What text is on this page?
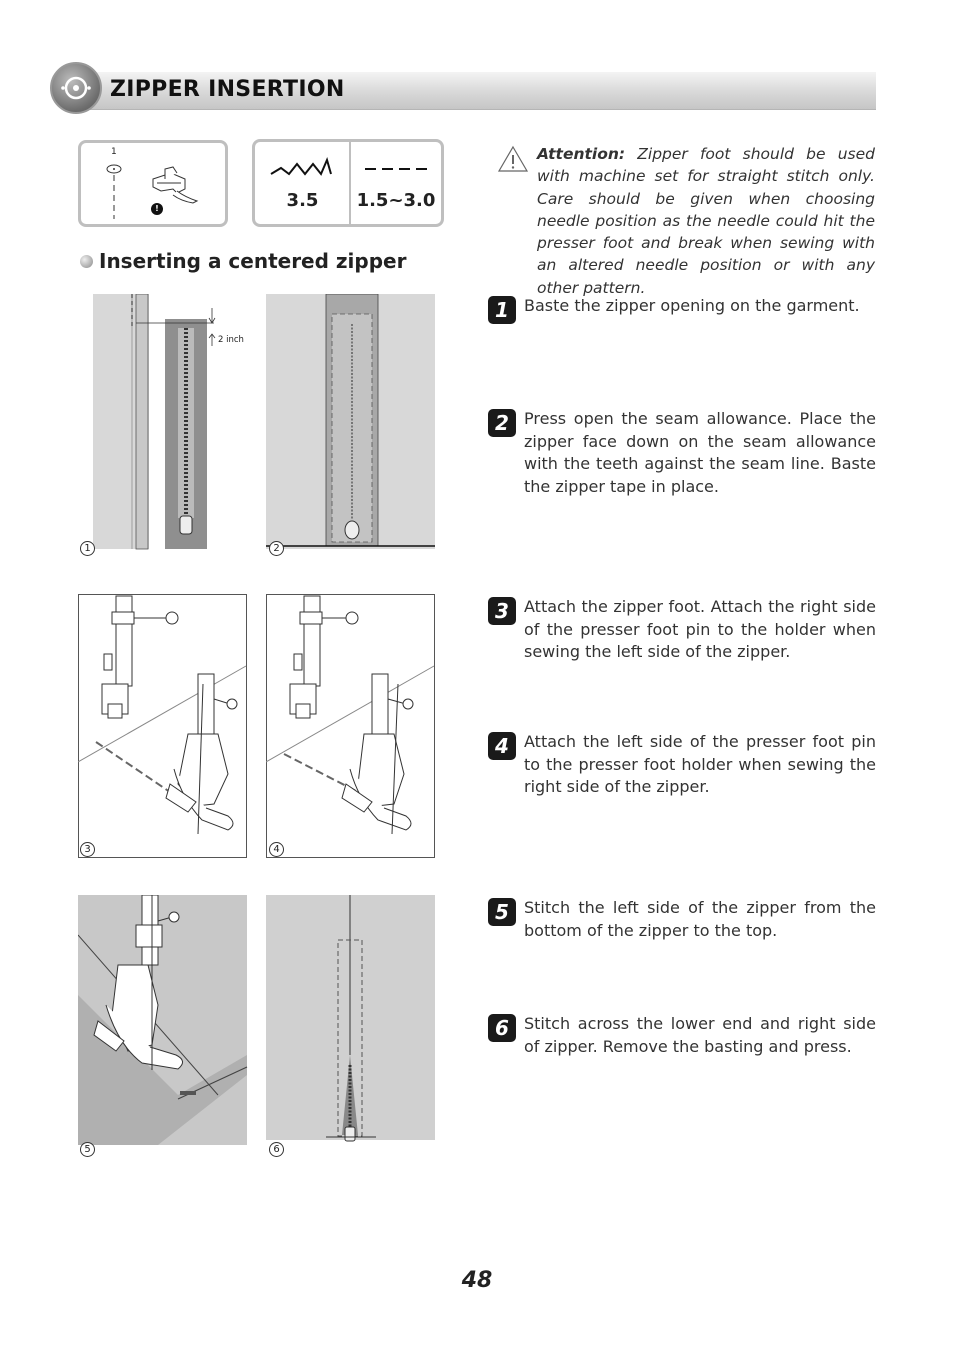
ZIPPER INSERTION
1
!	3.5	1.5~3.0
Inserting a centered zipper
2 inch
1	2
3	4
5	6
Attention: Zipper foot should be used with machine set for straight stitch only. Care should be given when choosing needle position as the needle could hit the presser foot and break when sewing with an altered needle position or with any other pattern.
1 Baste the zipper opening on the garment.
2 Press open the seam allowance. Place the zipper face down on the seam allowance with the teeth against the seam line. Baste the zipper tape in place.
3 Attach the zipper foot. Attach the right side of the presser foot pin to the holder when sewing the left side of the zipper.
4 Attach the left side of the presser foot pin to the presser foot holder when sewing the right side of the zipper.
5 Stitch the left side of the zipper from the bottom of the zipper to the top.
6 Stitch across the lower end and right side of zipper. Remove the basting and press.
48
